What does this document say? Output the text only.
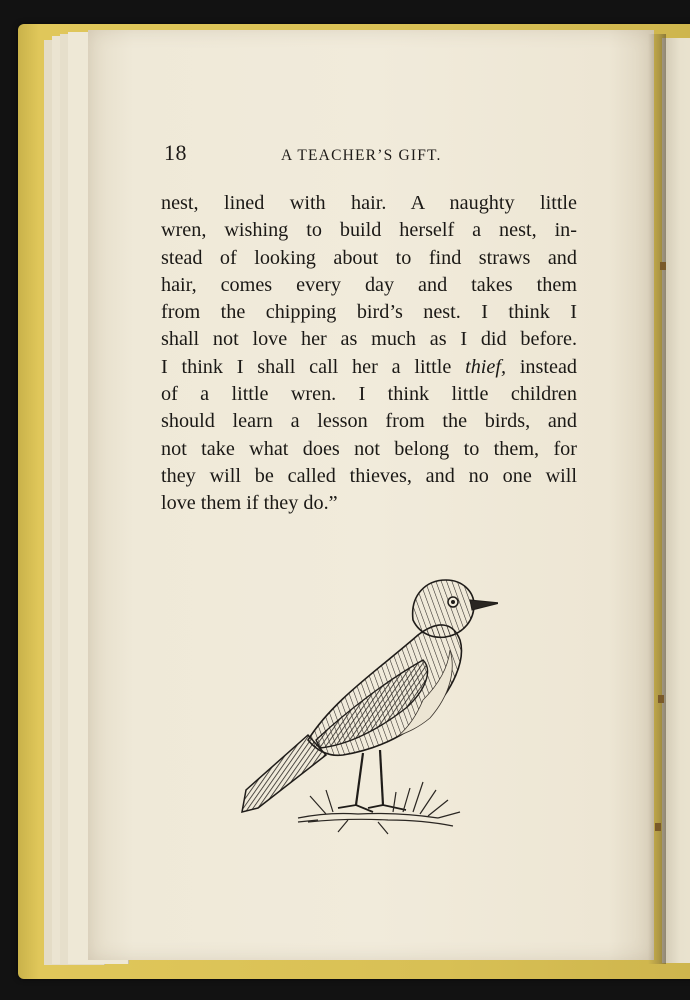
18	A TEACHER’S GIFT.
nest, lined with hair. A naughty little
wren, wishing to build herself a nest, in-
stead of looking about to find straws and
hair, comes every day and takes them
from the chipping bird’s nest. I think I
shall not love her as much as I did before.
I think I shall call her a little thief, instead
of a little wren. I think little children
should learn a lesson from the birds, and
not take what does not belong to them, for
they will be called thieves, and no one will
love them if they do.”
